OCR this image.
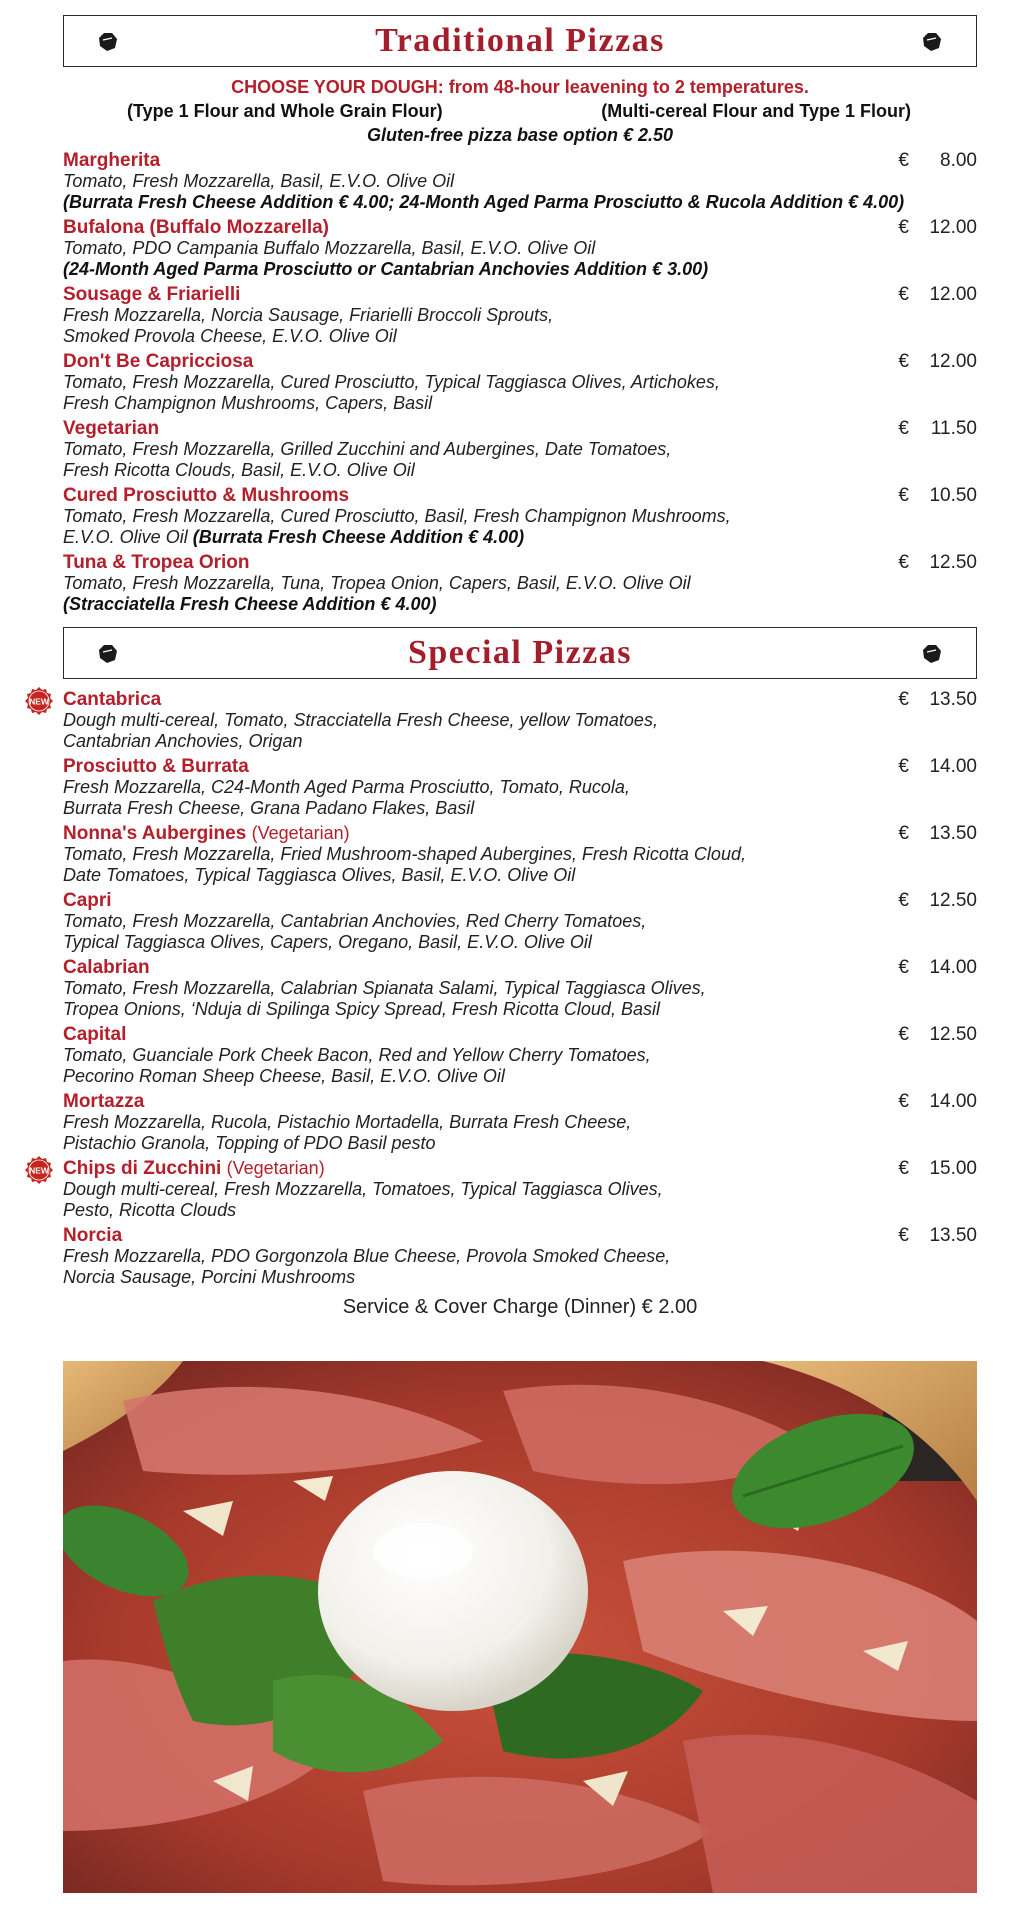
Traditional Pizzas
CHOOSE YOUR DOUGH: from 48-hour leavening to 2 temperatures.
(Type 1 Flour and Whole Grain Flour)	(Multi-cereal Flour and Type 1 Flour)
Gluten-free pizza base option € 2.50
Margherita	€ 8.00
Tomato, Fresh Mozzarella, Basil, E.V.O. Olive Oil
(Burrata Fresh Cheese Addition € 4.00; 24-Month Aged Parma Prosciutto & Rucola Addition € 4.00)
Bufalona (Buffalo Mozzarella)	€ 12.00
Tomato, PDO Campania Buffalo Mozzarella, Basil, E.V.O. Olive Oil
(24-Month Aged Parma Prosciutto or Cantabrian Anchovies Addition € 3.00)
Sousage & Friarielli	€ 12.00
Fresh Mozzarella, Norcia Sausage, Friarielli Broccoli Sprouts,
Smoked Provola Cheese, E.V.O. Olive Oil
Don't Be Capricciosa	€ 12.00
Tomato, Fresh Mozzarella, Cured Prosciutto, Typical Taggiasca Olives, Artichokes,
Fresh Champignon Mushrooms, Capers, Basil
Vegetarian	€ 11.50
Tomato, Fresh Mozzarella, Grilled Zucchini and Aubergines, Date Tomatoes,
Fresh Ricotta Clouds, Basil, E.V.O. Olive Oil
Cured Prosciutto & Mushrooms	€ 10.50
Tomato, Fresh Mozzarella, Cured Prosciutto, Basil, Fresh Champignon Mushrooms,
E.V.O. Olive Oil (Burrata Fresh Cheese Addition € 4.00)
Tuna & Tropea Orion	€ 12.50
Tomato, Fresh Mozzarella, Tuna, Tropea Onion, Capers, Basil, E.V.O. Olive Oil
(Stracciatella Fresh Cheese Addition € 4.00)
Special Pizzas
NEW Cantabrica	€ 13.50
Dough multi-cereal, Tomato, Stracciatella Fresh Cheese, yellow Tomatoes,
Cantabrian Anchovies, Origan
Prosciutto & Burrata	€ 14.00
Fresh Mozzarella, C24-Month Aged Parma Prosciutto, Tomato, Rucola,
Burrata Fresh Cheese, Grana Padano Flakes, Basil
Nonna's Aubergines (Vegetarian)	€ 13.50
Tomato, Fresh Mozzarella, Fried Mushroom-shaped Aubergines, Fresh Ricotta Cloud,
Date Tomatoes, Typical Taggiasca Olives, Basil, E.V.O. Olive Oil
Capri	€ 12.50
Tomato, Fresh Mozzarella, Cantabrian Anchovies, Red Cherry Tomatoes,
Typical Taggiasca Olives, Capers, Oregano, Basil, E.V.O. Olive Oil
Calabrian	€ 14.00
Tomato, Fresh Mozzarella, Calabrian Spianata Salami, Typical Taggiasca Olives,
Tropea Onions, ‘Nduja di Spilinga Spicy Spread, Fresh Ricotta Cloud, Basil
Capital	€ 12.50
Tomato, Guanciale Pork Cheek Bacon, Red and Yellow Cherry Tomatoes,
Pecorino Roman Sheep Cheese, Basil, E.V.O. Olive Oil
Mortazza	€ 14.00
Fresh Mozzarella, Rucola, Pistachio Mortadella, Burrata Fresh Cheese,
Pistachio Granola, Topping of PDO Basil pesto
NEW Chips di Zucchini (Vegetarian)	€ 15.00
Dough multi-cereal, Fresh Mozzarella, Tomatoes, Typical Taggiasca Olives,
Pesto, Ricotta Clouds
Norcia	€ 13.50
Fresh Mozzarella, PDO Gorgonzola Blue Cheese, Provola Smoked Cheese,
Norcia Sausage, Porcini Mushrooms
Service & Cover Charge (Dinner) € 2.00
